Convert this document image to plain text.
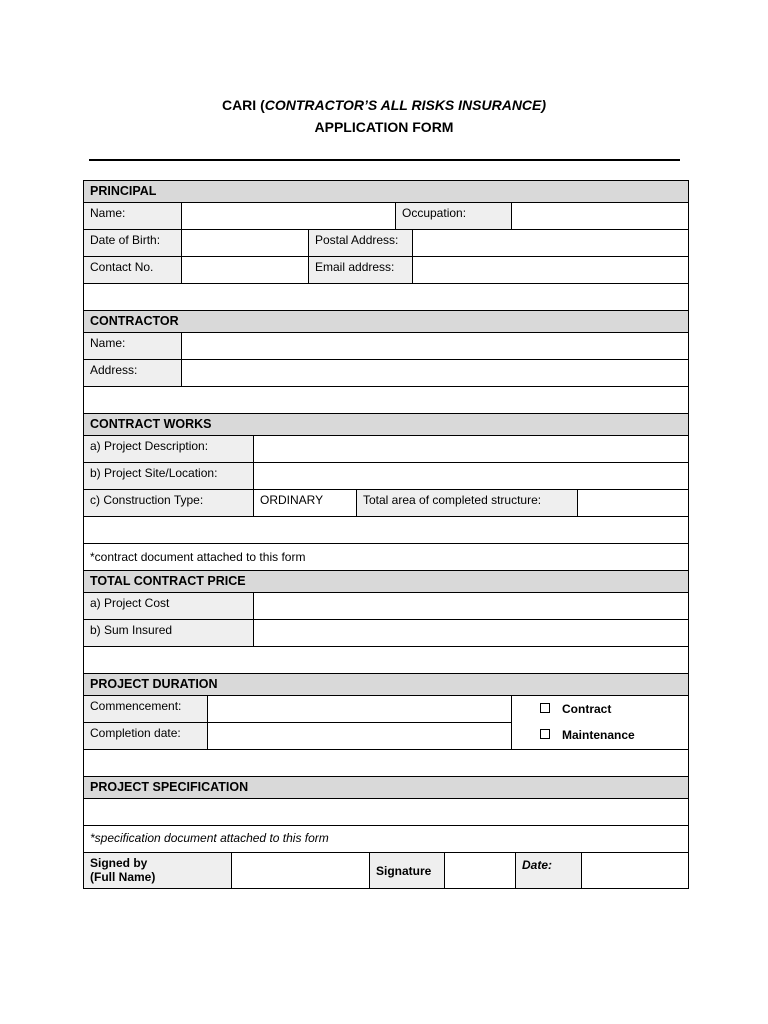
CARI (CONTRACTOR’S ALL RISKS INSURANCE)
APPLICATION FORM
PRINCIPAL
Name:	Occupation:
Date of Birth:	Postal Address:
Contact No.	Email address:
CONTRACTOR
Name:
Address:
CONTRACT WORKS
a) Project Description:
b) Project Site/Location:
c) Construction Type:	ORDINARY	Total area of completed structure:
*contract document attached to this form
TOTAL CONTRACT PRICE
a) Project Cost
b) Sum Insured
PROJECT DURATION
Commencement:
Completion date:
Contract
Maintenance
PROJECT SPECIFICATION
*specification document attached to this form
Signed by
(Full Name)	Signature	Date:
